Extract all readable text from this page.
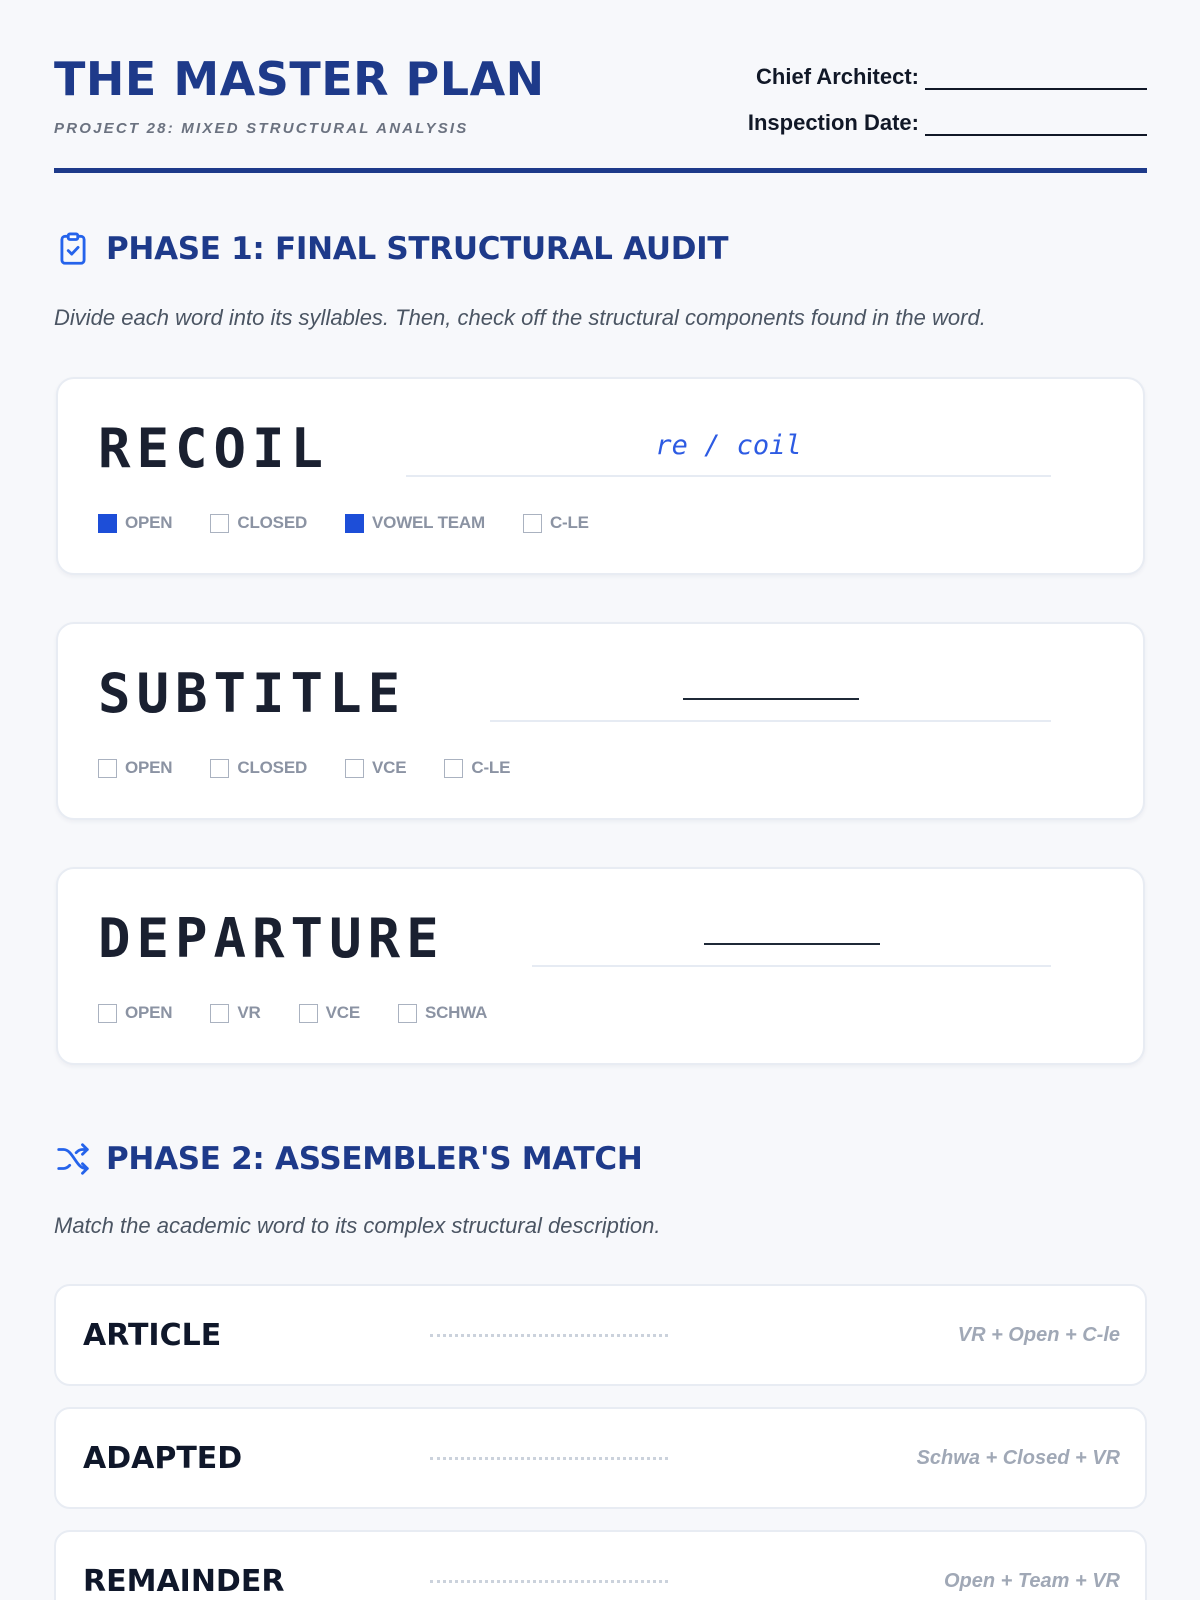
THE MASTER PLAN
PROJECT 28: MIXED STRUCTURAL ANALYSIS
Chief Architect:
Inspection Date:
PHASE 1: FINAL STRUCTURAL AUDIT
Divide each word into its syllables. Then, check off the structural components found in the word.
RECOIL	re / coil
OPEN	CLOSED	VOWEL TEAM	C-LE
SUBTITLE
OPEN	CLOSED	VCE	C-LE
DEPARTURE
OPEN	VR	VCE	SCHWA
PHASE 2: ASSEMBLER'S MATCH
Match the academic word to its complex structural description.
ARTICLE	VR + Open + C-le
ADAPTED	Schwa + Closed + VR
REMAINDER	Open + Team + VR
